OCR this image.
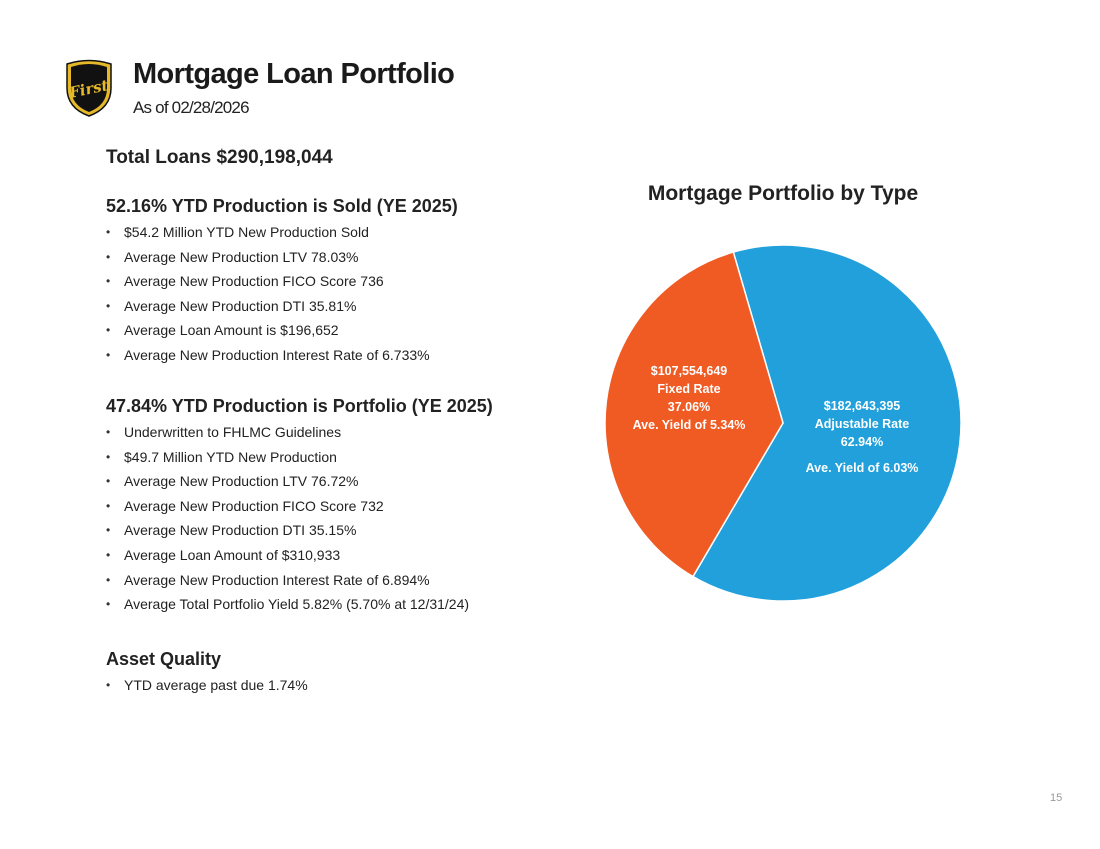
First Mortgage Loan Portfolio
As of 02/28/2026
Total Loans $290,198,044
52.16% YTD Production is Sold (YE 2025)
• $54.2 Million YTD New Production Sold
• Average New Production LTV 78.03%
• Average New Production FICO Score 736
• Average New Production DTI 35.81%
• Average Loan Amount is $196,652
• Average New Production Interest Rate of 6.733%
47.84% YTD Production is Portfolio (YE 2025)
• Underwritten to FHLMC Guidelines
• $49.7 Million YTD New Production
• Average New Production LTV 76.72%
• Average New Production FICO Score 732
• Average New Production DTI 35.15%
• Average Loan Amount of $310,933
• Average New Production Interest Rate of 6.894%
• Average Total Portfolio Yield 5.82% (5.70% at 12/31/24)
Asset Quality
• YTD average past due 1.74%
Mortgage Portfolio by Type
$107,554,649
Fixed Rate
37.06%
Ave. Yield of 5.34%
$182,643,395
Adjustable Rate
62.94%
Ave. Yield of 6.03%
15
